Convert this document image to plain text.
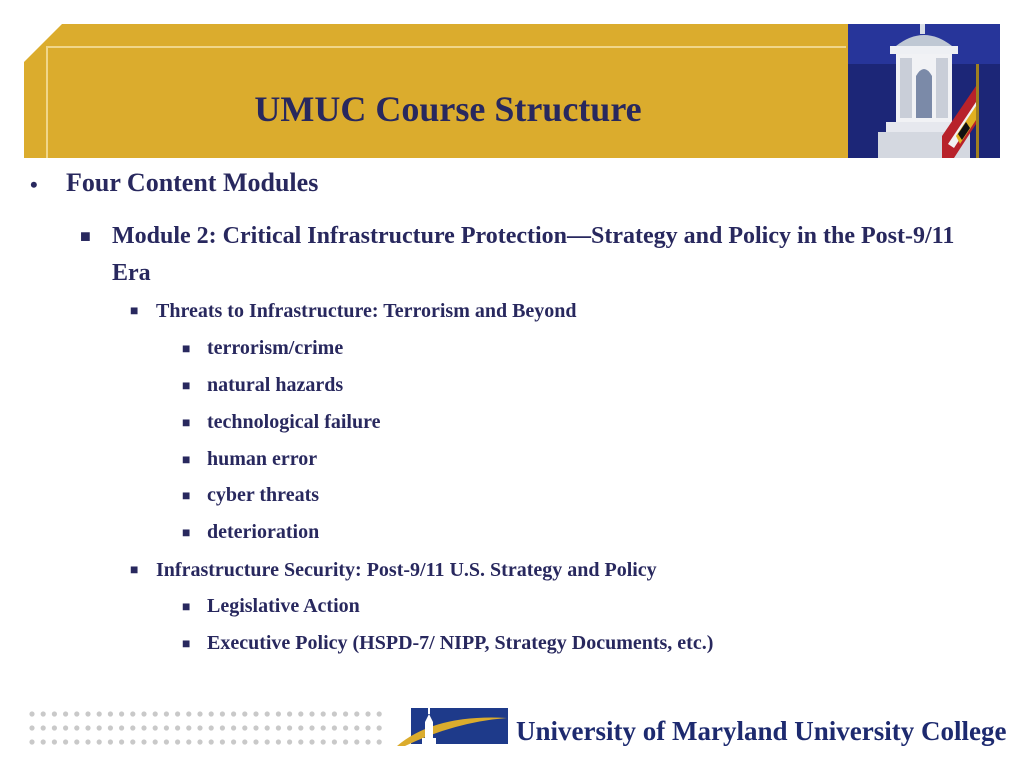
UMUC Course Structure
• Four Content Modules

■ Module 2: Critical Infrastructure Protection—Strategy and Policy in the Post-9/11 Era

■ Threats to Infrastructure: Terrorism and Beyond

■ terrorism/crime

■ natural hazards

■ technological failure

■ human error

■ cyber threats

■ deterioration

■ Infrastructure Security: Post-9/11 U.S. Strategy and Policy

■ Legislative Action

■ Executive Policy (HSPD-7/ NIPP, Strategy Documents, etc.)

University of Maryland University College
